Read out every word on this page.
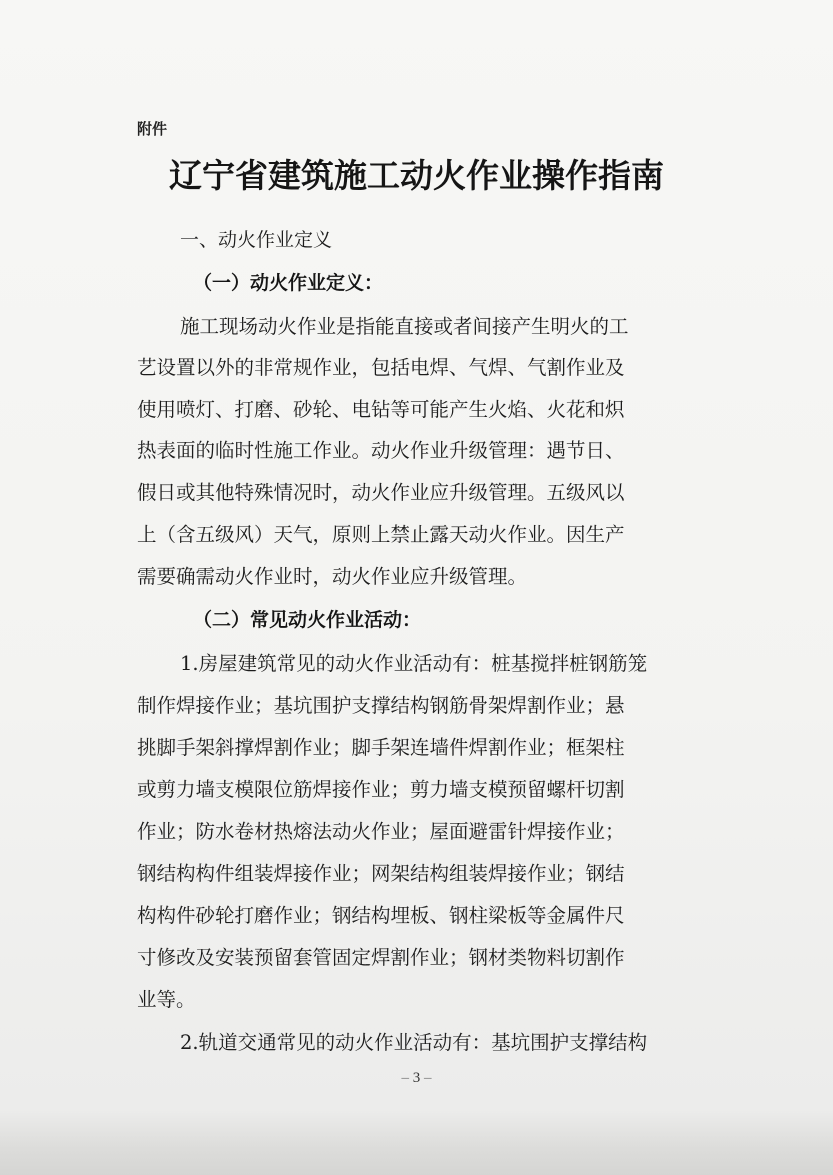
附件
辽宁省建筑施工动火作业操作指南
一、动火作业定义
（一）动火作业定义：
施工现场动火作业是指能直接或者间接产生明火的工
艺设置以外的非常规作业，包括电焊、气焊、气割作业及
使用喷灯、打磨、砂轮、电钻等可能产生火焰、火花和炽
热表面的临时性施工作业。动火作业升级管理：遇节日、
假日或其他特殊情况时，动火作业应升级管理。五级风以
上（含五级风）天气，原则上禁止露天动火作业。因生产
需要确需动火作业时，动火作业应升级管理。
（二）常见动火作业活动：
1.房屋建筑常见的动火作业活动有：桩基搅拌桩钢筋笼
制作焊接作业；基坑围护支撑结构钢筋骨架焊割作业；悬
挑脚手架斜撑焊割作业；脚手架连墙件焊割作业；框架柱
或剪力墙支模限位筋焊接作业；剪力墙支模预留螺杆切割
作业；防水卷材热熔法动火作业；屋面避雷针焊接作业；
钢结构构件组装焊接作业；网架结构组装焊接作业；钢结
构构件砂轮打磨作业；钢结构埋板、钢柱梁板等金属件尺
寸修改及安装预留套管固定焊割作业；钢材类物料切割作
业等。
2.轨道交通常见的动火作业活动有：基坑围护支撑结构
– 3 –
